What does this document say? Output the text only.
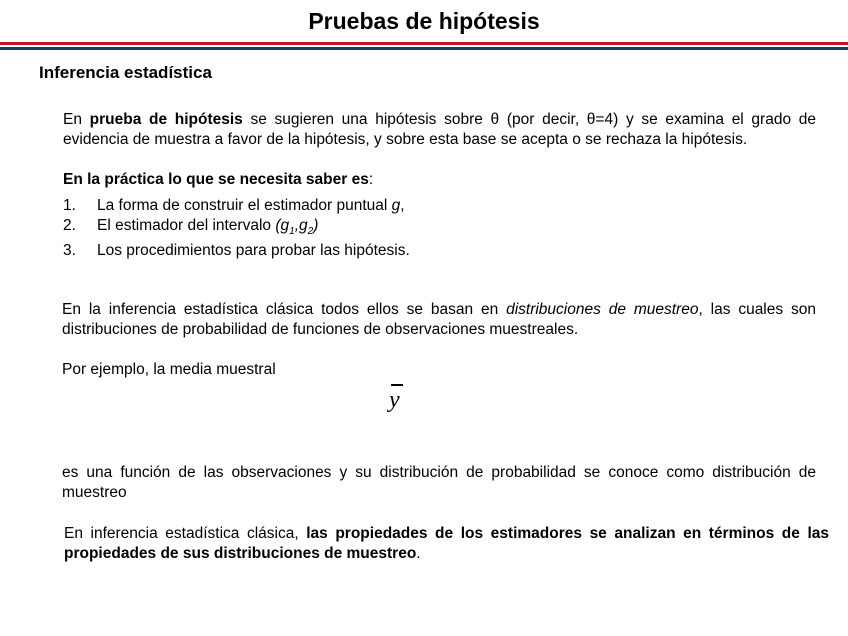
Pruebas de hipótesis
Inferencia estadística
En prueba de hipótesis se sugieren una hipótesis sobre θ (por decir, θ=4) y se examina el grado de evidencia de muestra a favor de la hipótesis, y sobre esta base se acepta o se rechaza la hipótesis.
En la práctica lo que se necesita saber es:
1.	La forma de construir el estimador puntual g,
2.	El estimador del intervalo $(g_1,g_2)$
3.	Los procedimientos para probar las hipótesis.
En la inferencia estadística clásica todos ellos se basan en distribuciones de muestreo, las cuales son distribuciones de probabilidad de funciones de observaciones muestreales.
Por ejemplo, la media muestral
y
es una función de las observaciones y su distribución de probabilidad se conoce como distribución de muestreo
En inferencia estadística clásica, las propiedades de los estimadores se analizan en términos de las propiedades de sus distribuciones de muestreo.
